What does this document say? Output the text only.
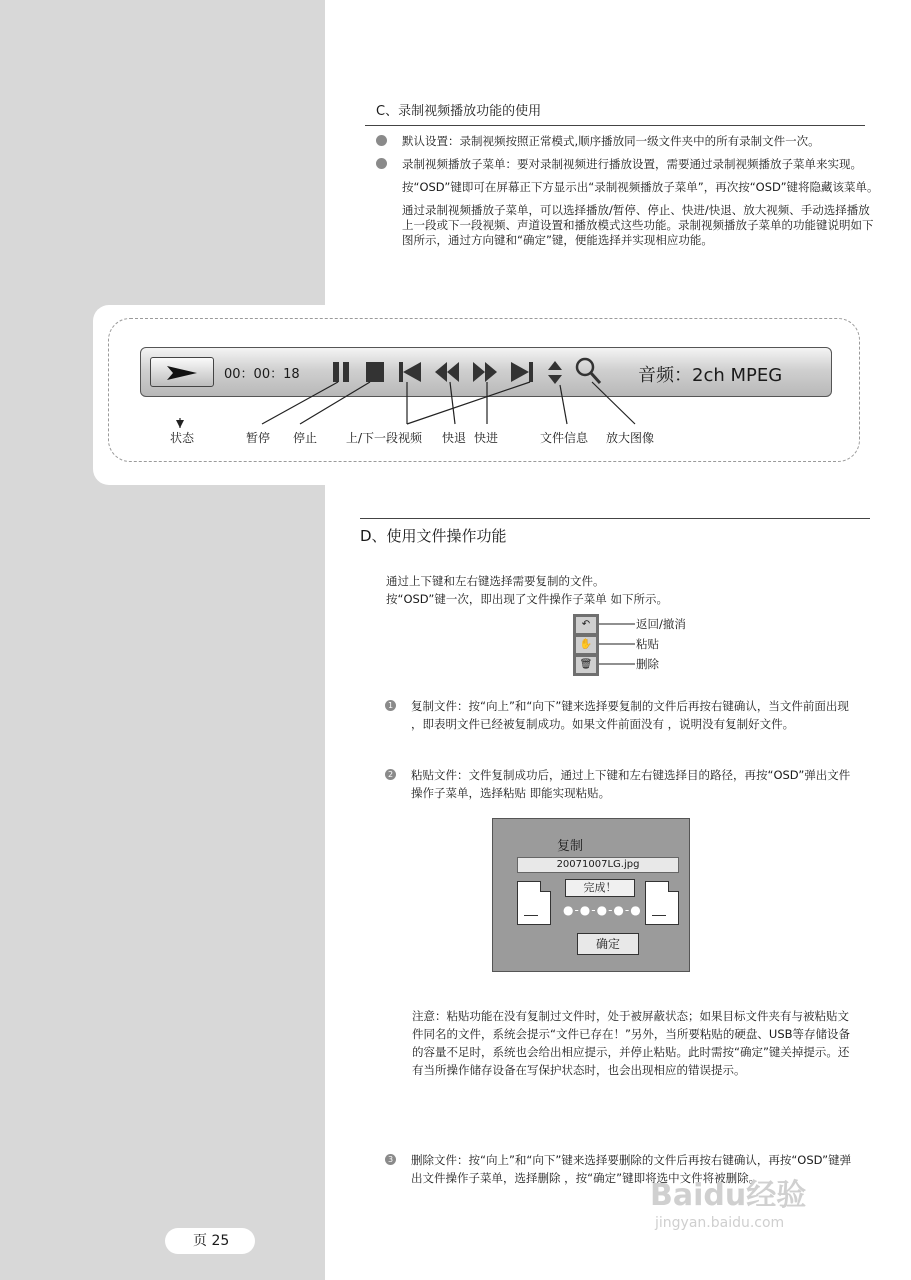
C、录制视频播放功能的使用
默认设置：录制视频按照正常模式,顺序播放同一级文件夹中的所有录制文件一次。
录制视频播放子菜单：要对录制视频进行播放设置，需要通过录制视频播放子菜单来实现。
按“OSD”键即可在屏幕正下方显示出“录制视频播放子菜单”，再次按“OSD”键将隐藏该菜单。
通过录制视频播放子菜单，可以选择播放/暂停、停止、快进/快退、放大视频、手动选择播放上一段或下一段视频、声道设置和播放模式这些功能。录制视频播放子菜单的功能键说明如下图所示，通过方向键和“确定”键，便能选择并实现相应功能。
00：00：18	音频：2ch MPEG
状态	暂停 停止 上/下一段视频 快退 快进	文件信息 放大图像
D、使用文件操作功能
通过上下键和左右键选择需要复制的文件。
按“OSD”键一次，即出现了文件操作子菜单 如下所示。
↶
✋
🗑
返回/撤消
粘贴
删除
1 复制文件：按“向上”和“向下”键来选择要复制的文件后再按右键确认，当文件前面出现 ，即表明文件已经被复制成功。如果文件前面没有 ，说明没有复制好文件。
2 粘贴文件：文件复制成功后，通过上下键和左右键选择目的路径，再按“OSD”弹出文件操作子菜单，选择粘贴 即能实现粘贴。
复制
20071007LG.jpg
完成！
●-●-●-●-●
确定
注意：粘贴功能在没有复制过文件时，处于被屏蔽状态；如果目标文件夹有与被粘贴文件同名的文件，系统会提示“文件已存在！”另外，当所要粘贴的硬盘、USB等存储设备的容量不足时，系统也会给出相应提示，并停止粘贴。此时需按“确定”键关掉提示。还有当所操作储存设备在写保护状态时，也会出现相应的错误提示。
3 删除文件：按“向上”和“向下”键来选择要删除的文件后再按右键确认，再按“OSD”键弹出文件操作子菜单，选择删除 ，按“确定”键即将选中文件将被删除。
页 25
Baidu经验
jingyan.baidu.com
